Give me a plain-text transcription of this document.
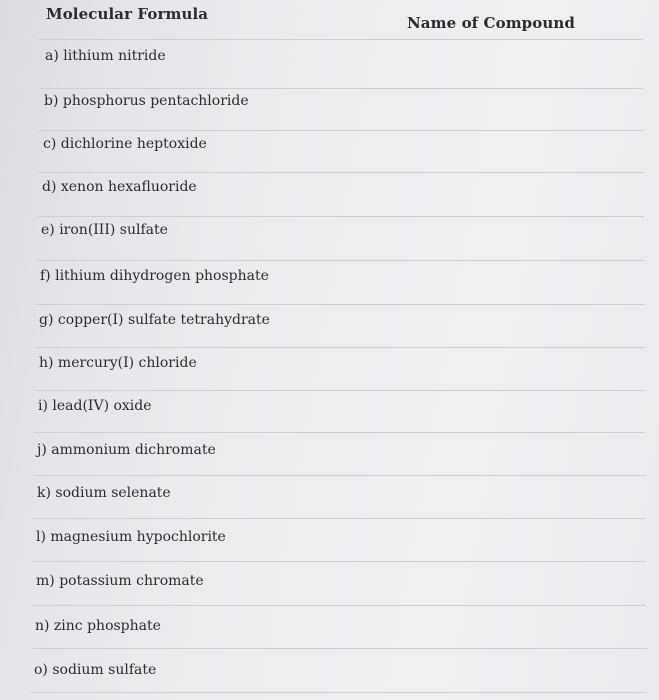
Molecular Formula	Name of Compound
a) lithium nitride
b) phosphorus pentachloride
c) dichlorine heptoxide
d) xenon hexafluoride
e) iron(III) sulfate
f) lithium dihydrogen phosphate
g) copper(I) sulfate tetrahydrate
h) mercury(I) chloride
i) lead(IV) oxide
j) ammonium dichromate
k) sodium selenate
l) magnesium hypochlorite
m) potassium chromate
n) zinc phosphate
o) sodium sulfate
